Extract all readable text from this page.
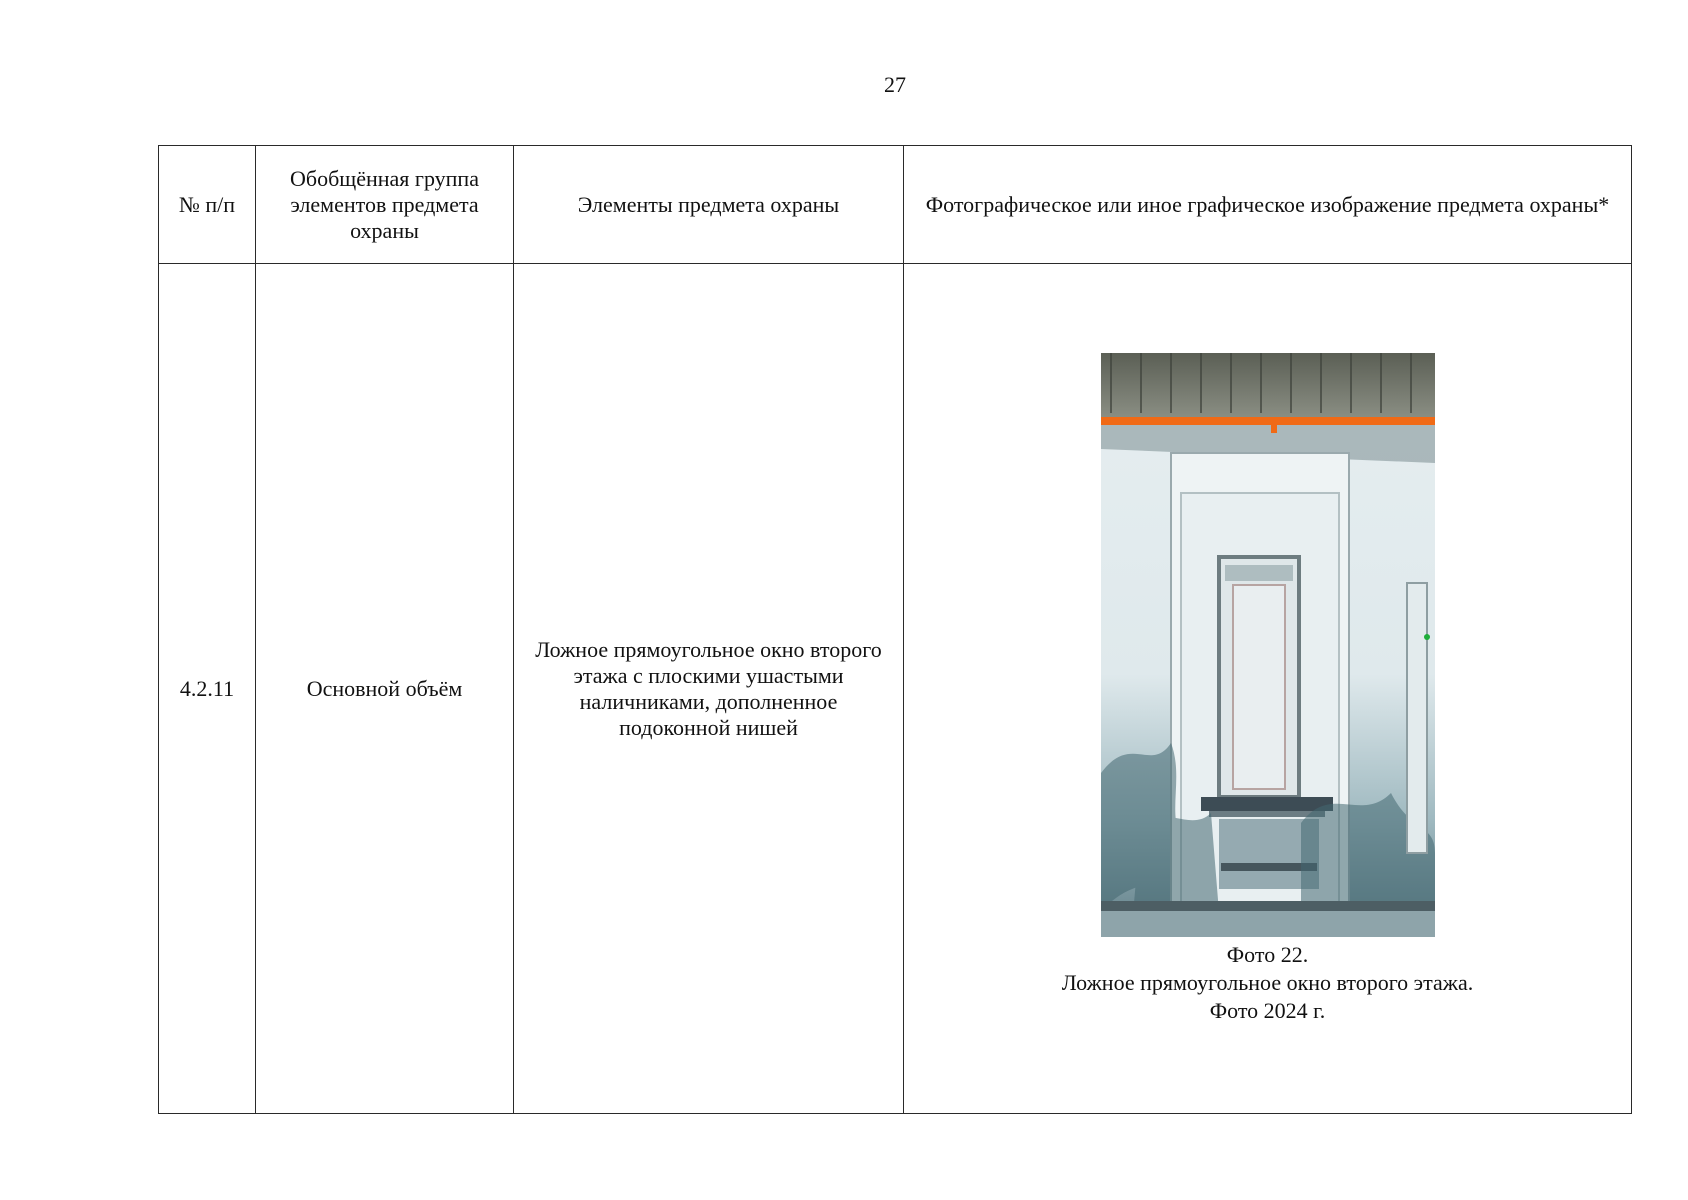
27
№ п/п	Обобщённая группа элементов предмета охраны	Элементы предмета охраны	Фотографическое или иное графическое изображение предмета охраны*
4.2.11	Основной объём	Ложное прямоугольное окно второго этажа с плоскими ушастыми наличниками, дополненное подоконной нишей	Фото 22.
Ложное прямоугольное окно второго этажа.
Фото 2024 г.
